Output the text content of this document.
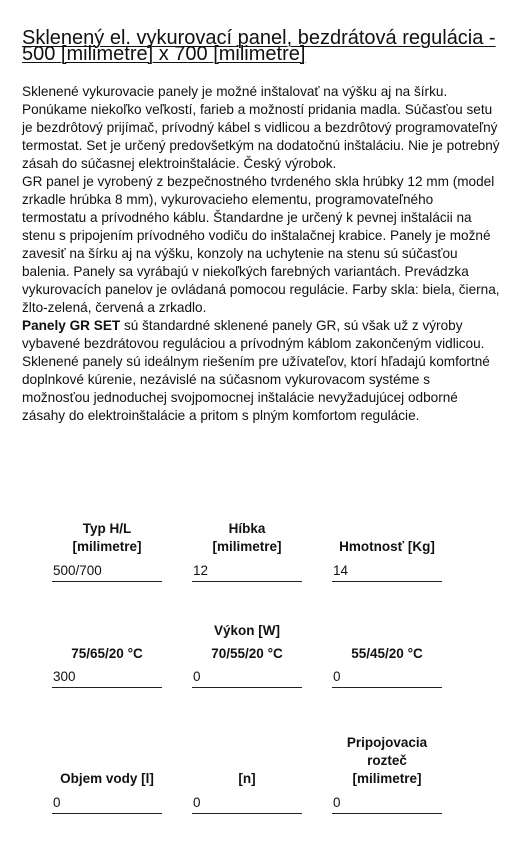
Sklenený el. vykurovací panel, bezdrátová regulácia - 500 [milimetre] x 700 [milimetre]

Sklenené vykurovacie panely je možné inštalovať na výšku aj na šírku. Ponúkame niekoľko veľkostí, farieb a možností pridania madla. Súčasťou setu je bezdrôtový prijímač, prívodný kábel s vidlicou a bezdrôtový programovateľný termostat. Set je určený predovšetkým na dodatočnú inštaláciu. Nie je potrebný zásah do súčasnej elektroinštalácie. Český výrobok.

GR panel je vyrobený z bezpečnostného tvrdeného skla hrúbky 12 mm (model zrkadle hrúbka 8 mm), vykurovacieho elementu, programovateľného termostatu a prívodného káblu. Štandardne je určený k pevnej inštalácii na stenu s pripojením prívodného vodiču do inštalačnej krabice. Panely je možné zavesiť na šírku aj na výšku, konzoly na uchytenie na stenu sú súčasťou balenia. Panely sa vyrábajú v niekoľkých farebných variantách. Prevádzka vykurovacích panelov je ovládaná pomocou regulácie. Farby skla: biela, čierna, žlto-zelená, červená a zrkadlo.

Panely GR SET sú štandardné sklenené panely GR, sú však už z výroby vybavené bezdrátovou reguláciou a prívodným káblom zakončeným vidlicou. Sklenené panely sú ideálnym riešením pre užívateľov, ktorí hľadajú komfortné doplnkové kúrenie, nezávislé na súčasnom vykurovacom systéme s možnosťou jednoduchej svojpomocnej inštalácie nevyžadujúcej odborné zásahy do elektroinštalácie a pritom s plným komfortom regulácie.

Typ H/L
[milimetre]
500/700
Híbka
[milimetre]
12
Hmotnosť [Kg]
14
Výkon [W]
75/65/20 °C
300
70/55/20 °C
0
55/45/20 °C
0
Objem vody [l]
0
[n]
0
Pripojovacia
rozteč
[milimetre]
0
